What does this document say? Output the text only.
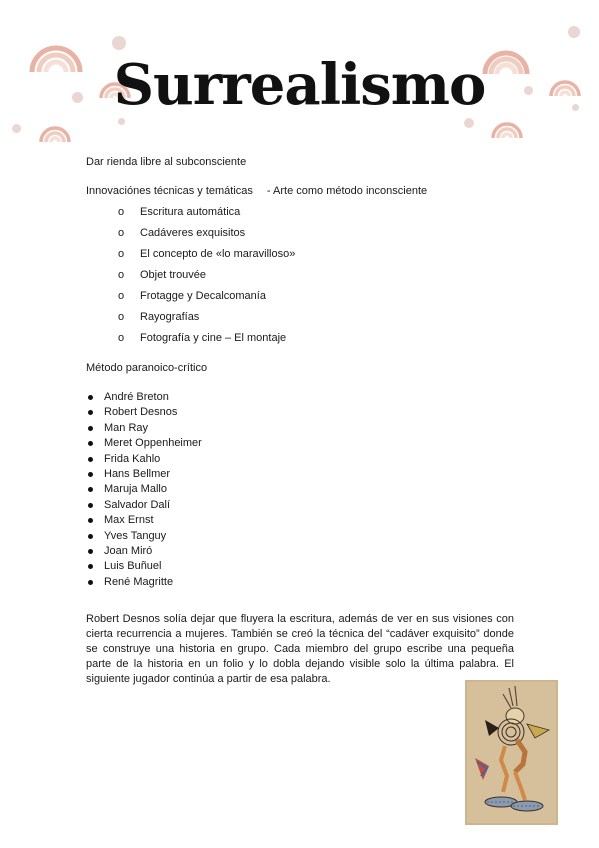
Surrealismo
Dar rienda libre al subconsciente
Innovaciónes técnicas y temáticas - Arte como método inconsciente
o Escritura automática
o Cadáveres exquisitos
o El concepto de «lo maravilloso»
o Objet trouvée
o Frotagge y Decalcomanía
o Rayografías
o Fotografía y cine – El montaje
Método paranoico-crítico
André Breton
Robert Desnos
Man Ray
Meret Oppenheimer
Frida Kahlo
Hans Bellmer
Maruja Mallo
Salvador Dalí
Max Ernst
Yves Tanguy
Joan Miró
Luis Buñuel
René Magritte
Robert Desnos solía dejar que fluyera la escritura, además de ver en sus visiones con cierta recurrencia a mujeres. También se creó la técnica del “cadáver exquisito” donde se construye una historia en grupo. Cada miembro del grupo escribe una pequeña parte de la historia en un folio y lo dobla dejando visible solo la última palabra. El siguiente jugador continúa a partir de esa palabra.
